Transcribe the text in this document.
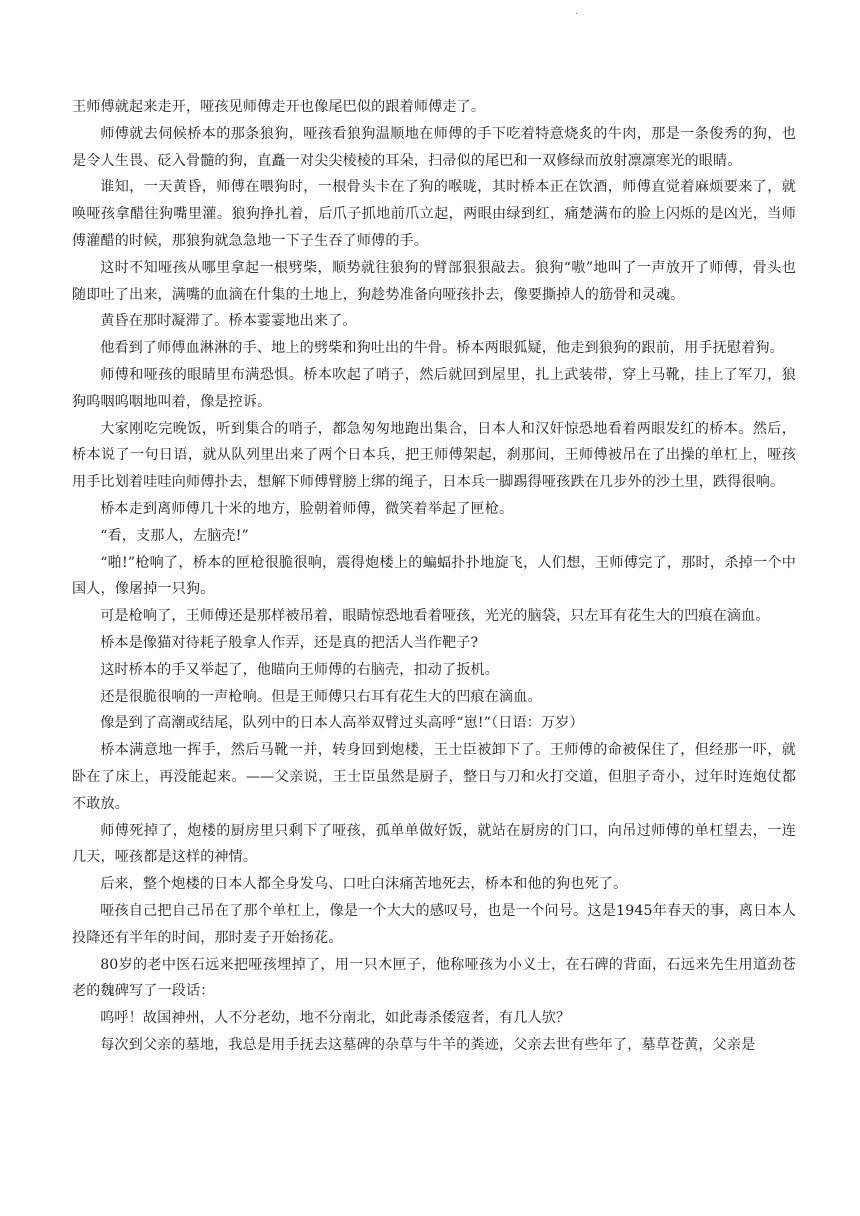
.

王师傅就起来走开，哑孩见师傅走开也像尾巴似的跟着师傅走了。

师傅就去伺候桥本的那条狼狗，哑孩看狼狗温顺地在师傅的手下吃着特意烧炙的牛肉，那是一条俊秀的狗，也是令人生畏、砭入骨髓的狗，直矗一对尖尖棱棱的耳朵，扫帚似的尾巴和一双修绿而放射凛凛寒光的眼睛。

谁知，一天黄昏，师傅在喂狗时，一根骨头卡在了狗的喉咙，其时桥本正在饮酒，师傅直觉着麻烦要来了，就唤哑孩拿醋往狗嘴里灌。狼狗挣扎着，后爪子抓地前爪立起，两眼由绿到红，痛楚满布的脸上闪烁的是凶光，当师傅灌醋的时候，那狼狗就急急地一下子生吞了师傅的手。

这时不知哑孩从哪里拿起一根劈柴，顺势就往狼狗的臂部狠狠敲去。狼狗“嗷”地叫了一声放开了师傅，骨头也随即吐了出来，满嘴的血滴在什集的土地上，狗趁势准备向哑孩扑去，像要撕掉人的筋骨和灵魂。

黄昏在那时凝滞了。桥本霎霎地出来了。

他看到了师傅血淋淋的手、地上的劈柴和狗吐出的牛骨。桥本两眼狐疑，他走到狼狗的跟前，用手抚慰着狗。

师傅和哑孩的眼睛里布满恐惧。桥本吹起了哨子，然后就回到屋里，扎上武装带，穿上马靴，挂上了军刀，狼狗呜咽呜咽地叫着，像是控诉。

大家刚吃完晚饭，听到集合的哨子，都急匆匆地跑出集合，日本人和汉奸惊恐地看着两眼发红的桥本。然后，桥本说了一句日语，就从队列里出来了两个日本兵，把王师傅架起，刹那间，王师傅被吊在了出操的单杠上，哑孩用手比划着哇哇向师傅扑去，想解下师傅臂膀上绑的绳子，日本兵一脚踢得哑孩跌在几步外的沙土里，跌得很响。

桥本走到离师傅几十米的地方，脸朝着师傅，微笑着举起了匣枪。

“看，支那人，左脑壳!”

“啪!”枪响了，桥本的匣枪很脆很响，震得炮楼上的蝙蝠扑扑地旋飞，人们想，王师傅完了，那时，杀掉一个中国人，像屠掉一只狗。

可是枪响了，王师傅还是那样被吊着，眼睛惊恐地看着哑孩，光光的脑袋，只左耳有花生大的凹痕在滴血。

桥本是像猫对待耗子般拿人作弄，还是真的把活人当作靶子?

这时桥本的手又举起了，他瞄向王师傅的右脑壳，扣动了扳机。

还是很脆很响的一声枪响。但是王师傅只右耳有花生大的凹痕在滴血。

像是到了高潮或结尾，队列中的日本人高举双臂过头高呼“崽!”（日语：万岁）

桥本满意地一挥手，然后马靴一并，转身回到炮楼，王士臣被卸下了。王师傅的命被保住了，但经那一吓，就卧在了床上，再没能起来。——父亲说，王士臣虽然是厨子，整日与刀和火打交道，但胆子奇小，过年时连炮仗都不敢放。

师傅死掉了，炮楼的厨房里只剩下了哑孩，孤单单做好饭，就站在厨房的门口，向吊过师傅的单杠望去，一连几天，哑孩都是这样的神情。

后来，整个炮楼的日本人都全身发乌、口吐白沫痛苦地死去，桥本和他的狗也死了。

哑孩自己把自己吊在了那个单杠上，像是一个大大的感叹号，也是一个问号。这是1945年春天的事，离日本人投降还有半年的时间，那时麦子开始扬花。

80岁的老中医石远来把哑孩埋掉了，用一只木匣子，他称哑孩为小义士，在石碑的背面，石远来先生用道劲苍老的魏碑写了一段话：

呜呼！故国神州，人不分老幼，地不分南北，如此毒杀倭寇者，有几人欤？

每次到父亲的墓地，我总是用手抚去这墓碑的杂草与牛羊的粪迹，父亲去世有些年了，墓草苍黄，父亲是
